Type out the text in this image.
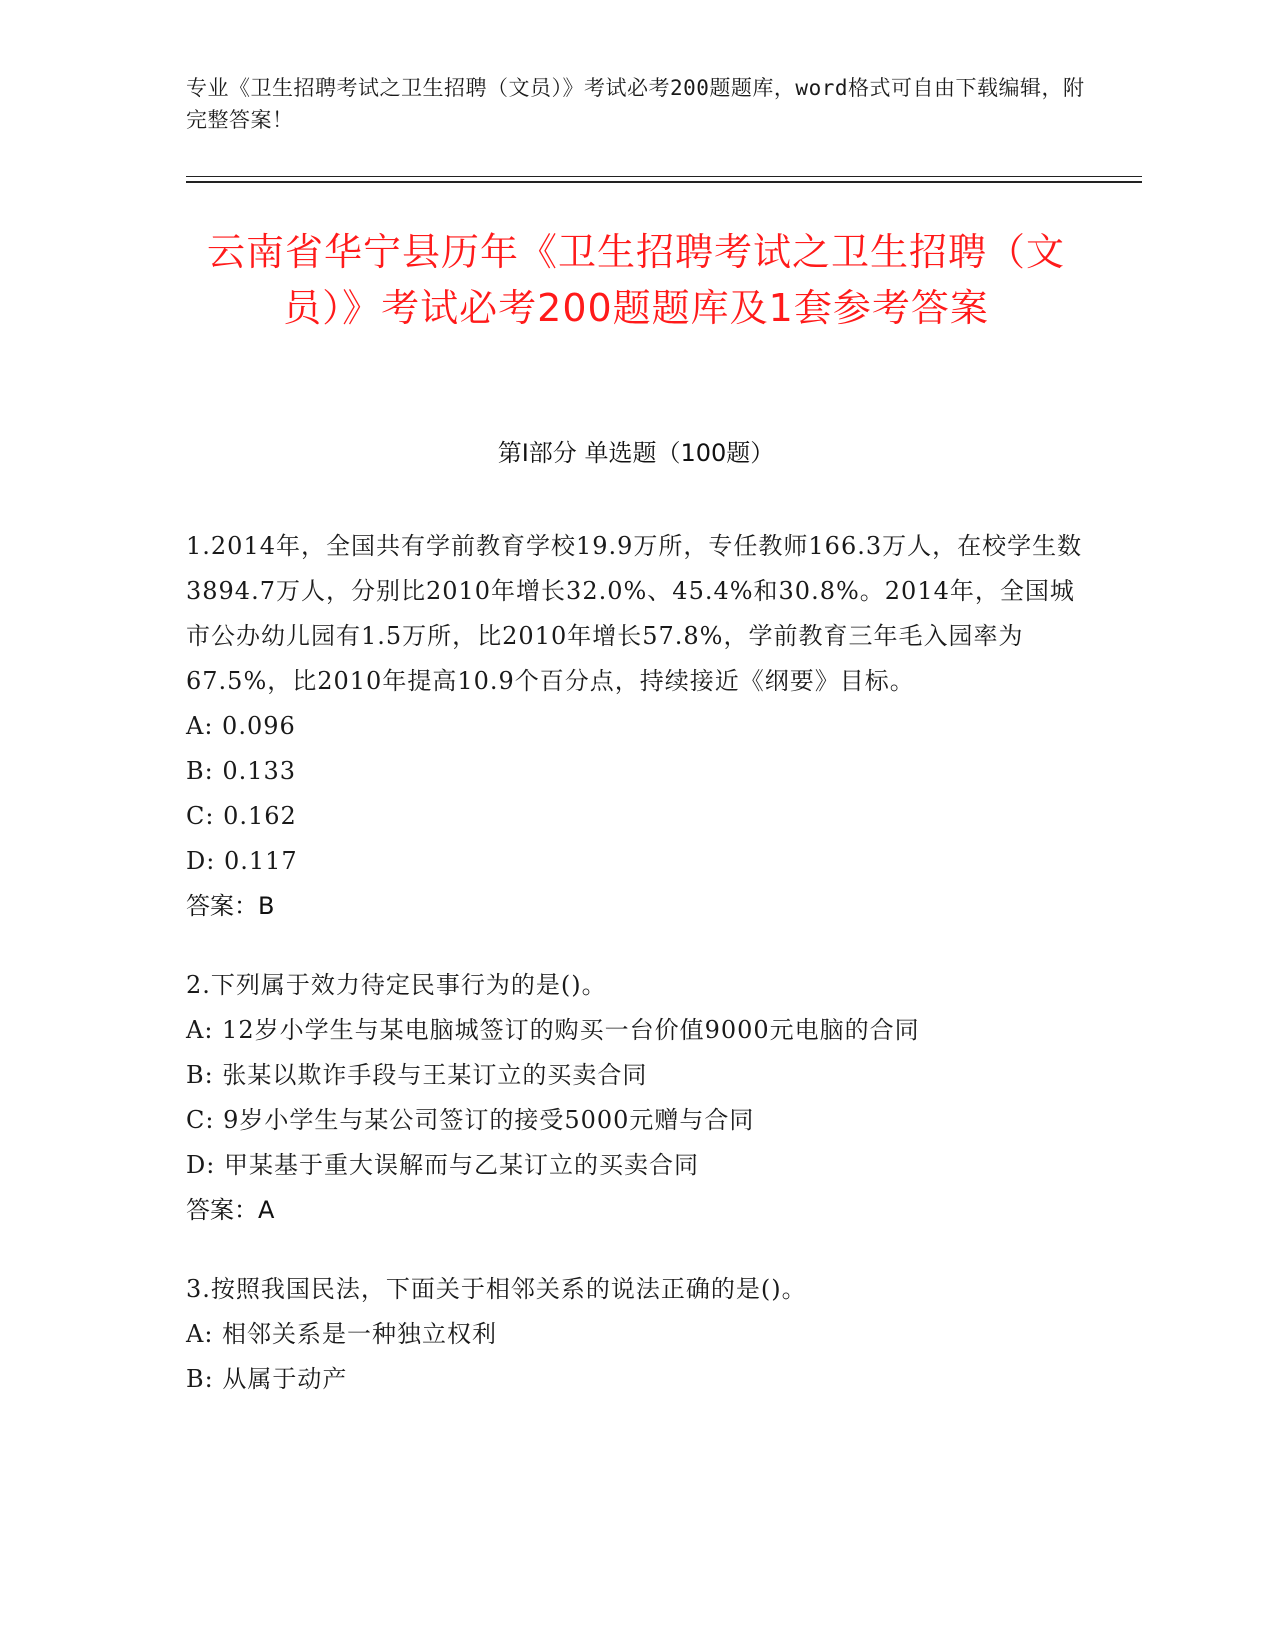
专业《卫生招聘考试之卫生招聘（文员）》考试必考200题题库，word格式可自由下载编辑，附完整答案！
云南省华宁县历年《卫生招聘考试之卫生招聘（文员）》考试必考200题题库及1套参考答案
第Ⅰ部分 单选题（100题）

1.2014年，全国共有学前教育学校19.9万所，专任教师166.3万人，在校学生数3894.7万人，分别比2010年增长32.0%、45.4%和30.8%。2014年，全国城市公办幼儿园有1.5万所，比2010年增长57.8%，学前教育三年毛入园率为67.5%，比2010年提高10.9个百分点，持续接近《纲要》目标。

A: 0.096

B: 0.133

C: 0.162

D: 0.117

答案：B

2.下列属于效力待定民事行为的是()。

A: 12岁小学生与某电脑城签订的购买一台价值9000元电脑的合同

B: 张某以欺诈手段与王某订立的买卖合同

C: 9岁小学生与某公司签订的接受5000元赠与合同

D: 甲某基于重大误解而与乙某订立的买卖合同

答案：A

3.按照我国民法，下面关于相邻关系的说法正确的是()。

A: 相邻关系是一种独立权利

B: 从属于动产
